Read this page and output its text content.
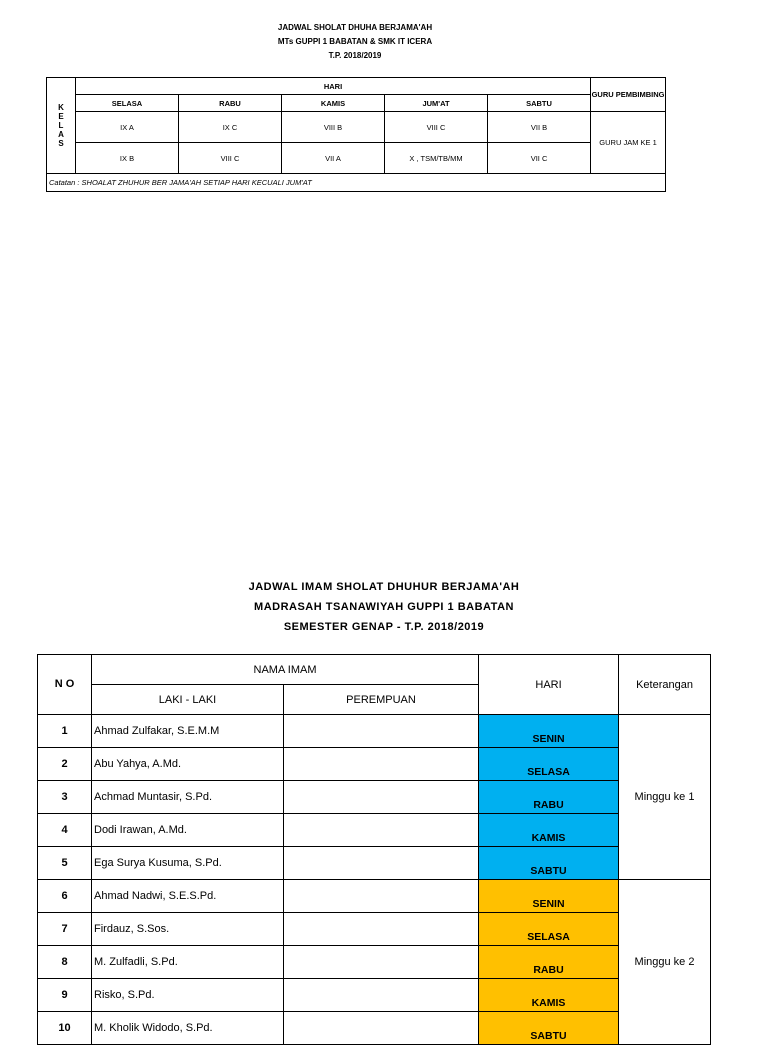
JADWAL SHOLAT DHUHA BERJAMA'AH
MTs GUPPI 1 BABATAN & SMK IT ICERA
T.P. 2018/2019
K
E
L
A
S	HARI					GURU PEMBIMBING
	SELASA	RABU	KAMIS	JUM'AT	SABTU	
	IX A	IX C	VIII B	VIII C	VII B	GURU JAM KE 1
	IX B	VIII C	VII A	X , TSM/TB/MM	VII C	
Catatan : SHOALAT ZHUHUR BER JAMA'AH SETIAP HARI KECUALI JUM'AT						
JADWAL IMAM SHOLAT DHUHUR BERJAMA'AH
MADRASAH TSANAWIYAH GUPPI 1 BABATAN
SEMESTER GENAP - T.P. 2018/2019
N O	NAMA IMAM		HARI	Keterangan
	LAKI - LAKI	PEREMPUAN		
1	Ahmad Zulfakar, S.E.M.M		SENIN	Minggu ke 1
2	Abu Yahya, A.Md.		SELASA	
3	Achmad Muntasir, S.Pd.		RABU	
4	Dodi Irawan, A.Md.		KAMIS	
5	Ega Surya Kusuma, S.Pd.		SABTU	
6	Ahmad Nadwi, S.E.S.Pd.		SENIN	Minggu ke 2
7	Firdauz, S.Sos.		SELASA	
8	M. Zulfadli, S.Pd.		RABU	
9	Risko, S.Pd.		KAMIS	
10	M. Kholik Widodo, S.Pd.		SABTU	
